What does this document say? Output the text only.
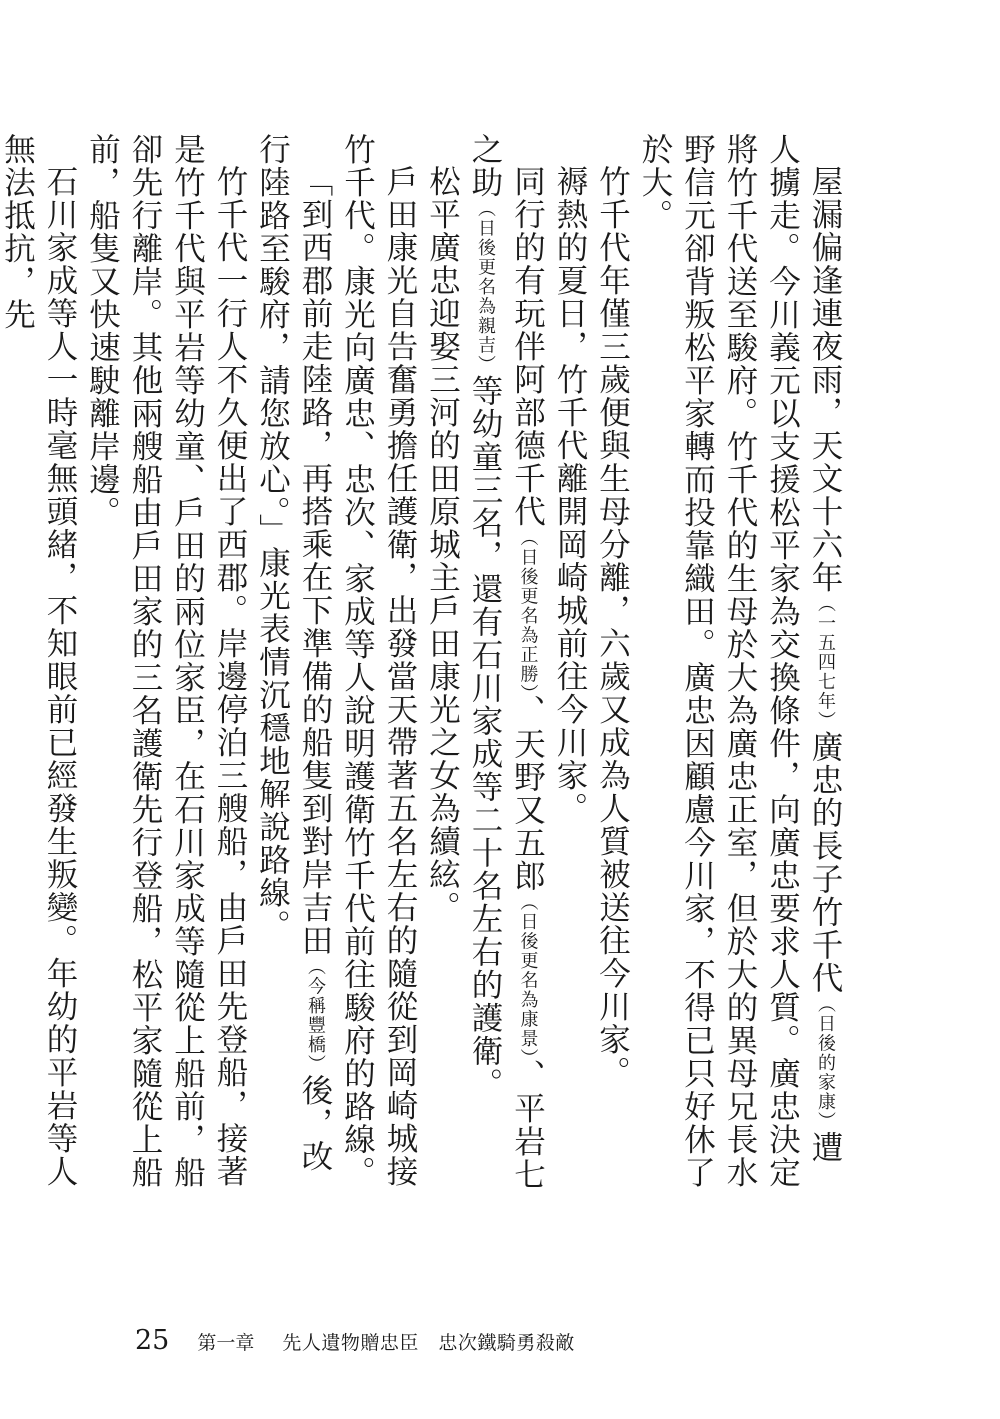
屋漏偏逢連夜雨，天文十六年（一五四七年）廣忠的長子竹千代（日後的家康）遭人擄走。今川義元以支援松平家為交換條件，向廣忠要求人質。廣忠決定將竹千代送至駿府。竹千代的生母於大為廣忠正室，但於大的異母兄長水野信元卻背叛松平家轉而投靠織田。廣忠因顧慮今川家，不得已只好休了於大。

竹千代年僅三歲便與生母分離，六歲又成為人質被送往今川家。

褥熱的夏日，竹千代離開岡崎城前往今川家。

同行的有玩伴阿部德千代（日後更名為正勝）、天野又五郎（日後更名為康景）、平岩七之助（日後更名為親吉）等幼童三名，還有石川家成等二十名左右的護衛。

松平廣忠迎娶三河的田原城主戶田康光之女為續絃。

戶田康光自告奮勇擔任護衛，出發當天帶著五名左右的隨從到岡崎城接竹千代。康光向廣忠、忠次、家成等人說明護衛竹千代前往駿府的路線。

「到西郡前走陸路，再搭乘在下準備的船隻到對岸吉田（今稱豐橋）後，改行陸路至駿府，請您放心。」康光表情沉穩地解說路線。

竹千代一行人不久便出了西郡。岸邊停泊三艘船，由戶田先登船，接著是竹千代與平岩等幼童、戶田的兩位家臣，在石川家成等隨從上船前，船卻先行離岸。其他兩艘船由戶田家的三名護衛先行登船，松平家隨從上船前，船隻又快速駛離岸邊。

石川家成等人一時毫無頭緒，不知眼前已經發生叛變。年幼的平岩等人無法抵抗，先

25 第一章 先人遺物贈忠臣　忠次鐵騎勇殺敵
